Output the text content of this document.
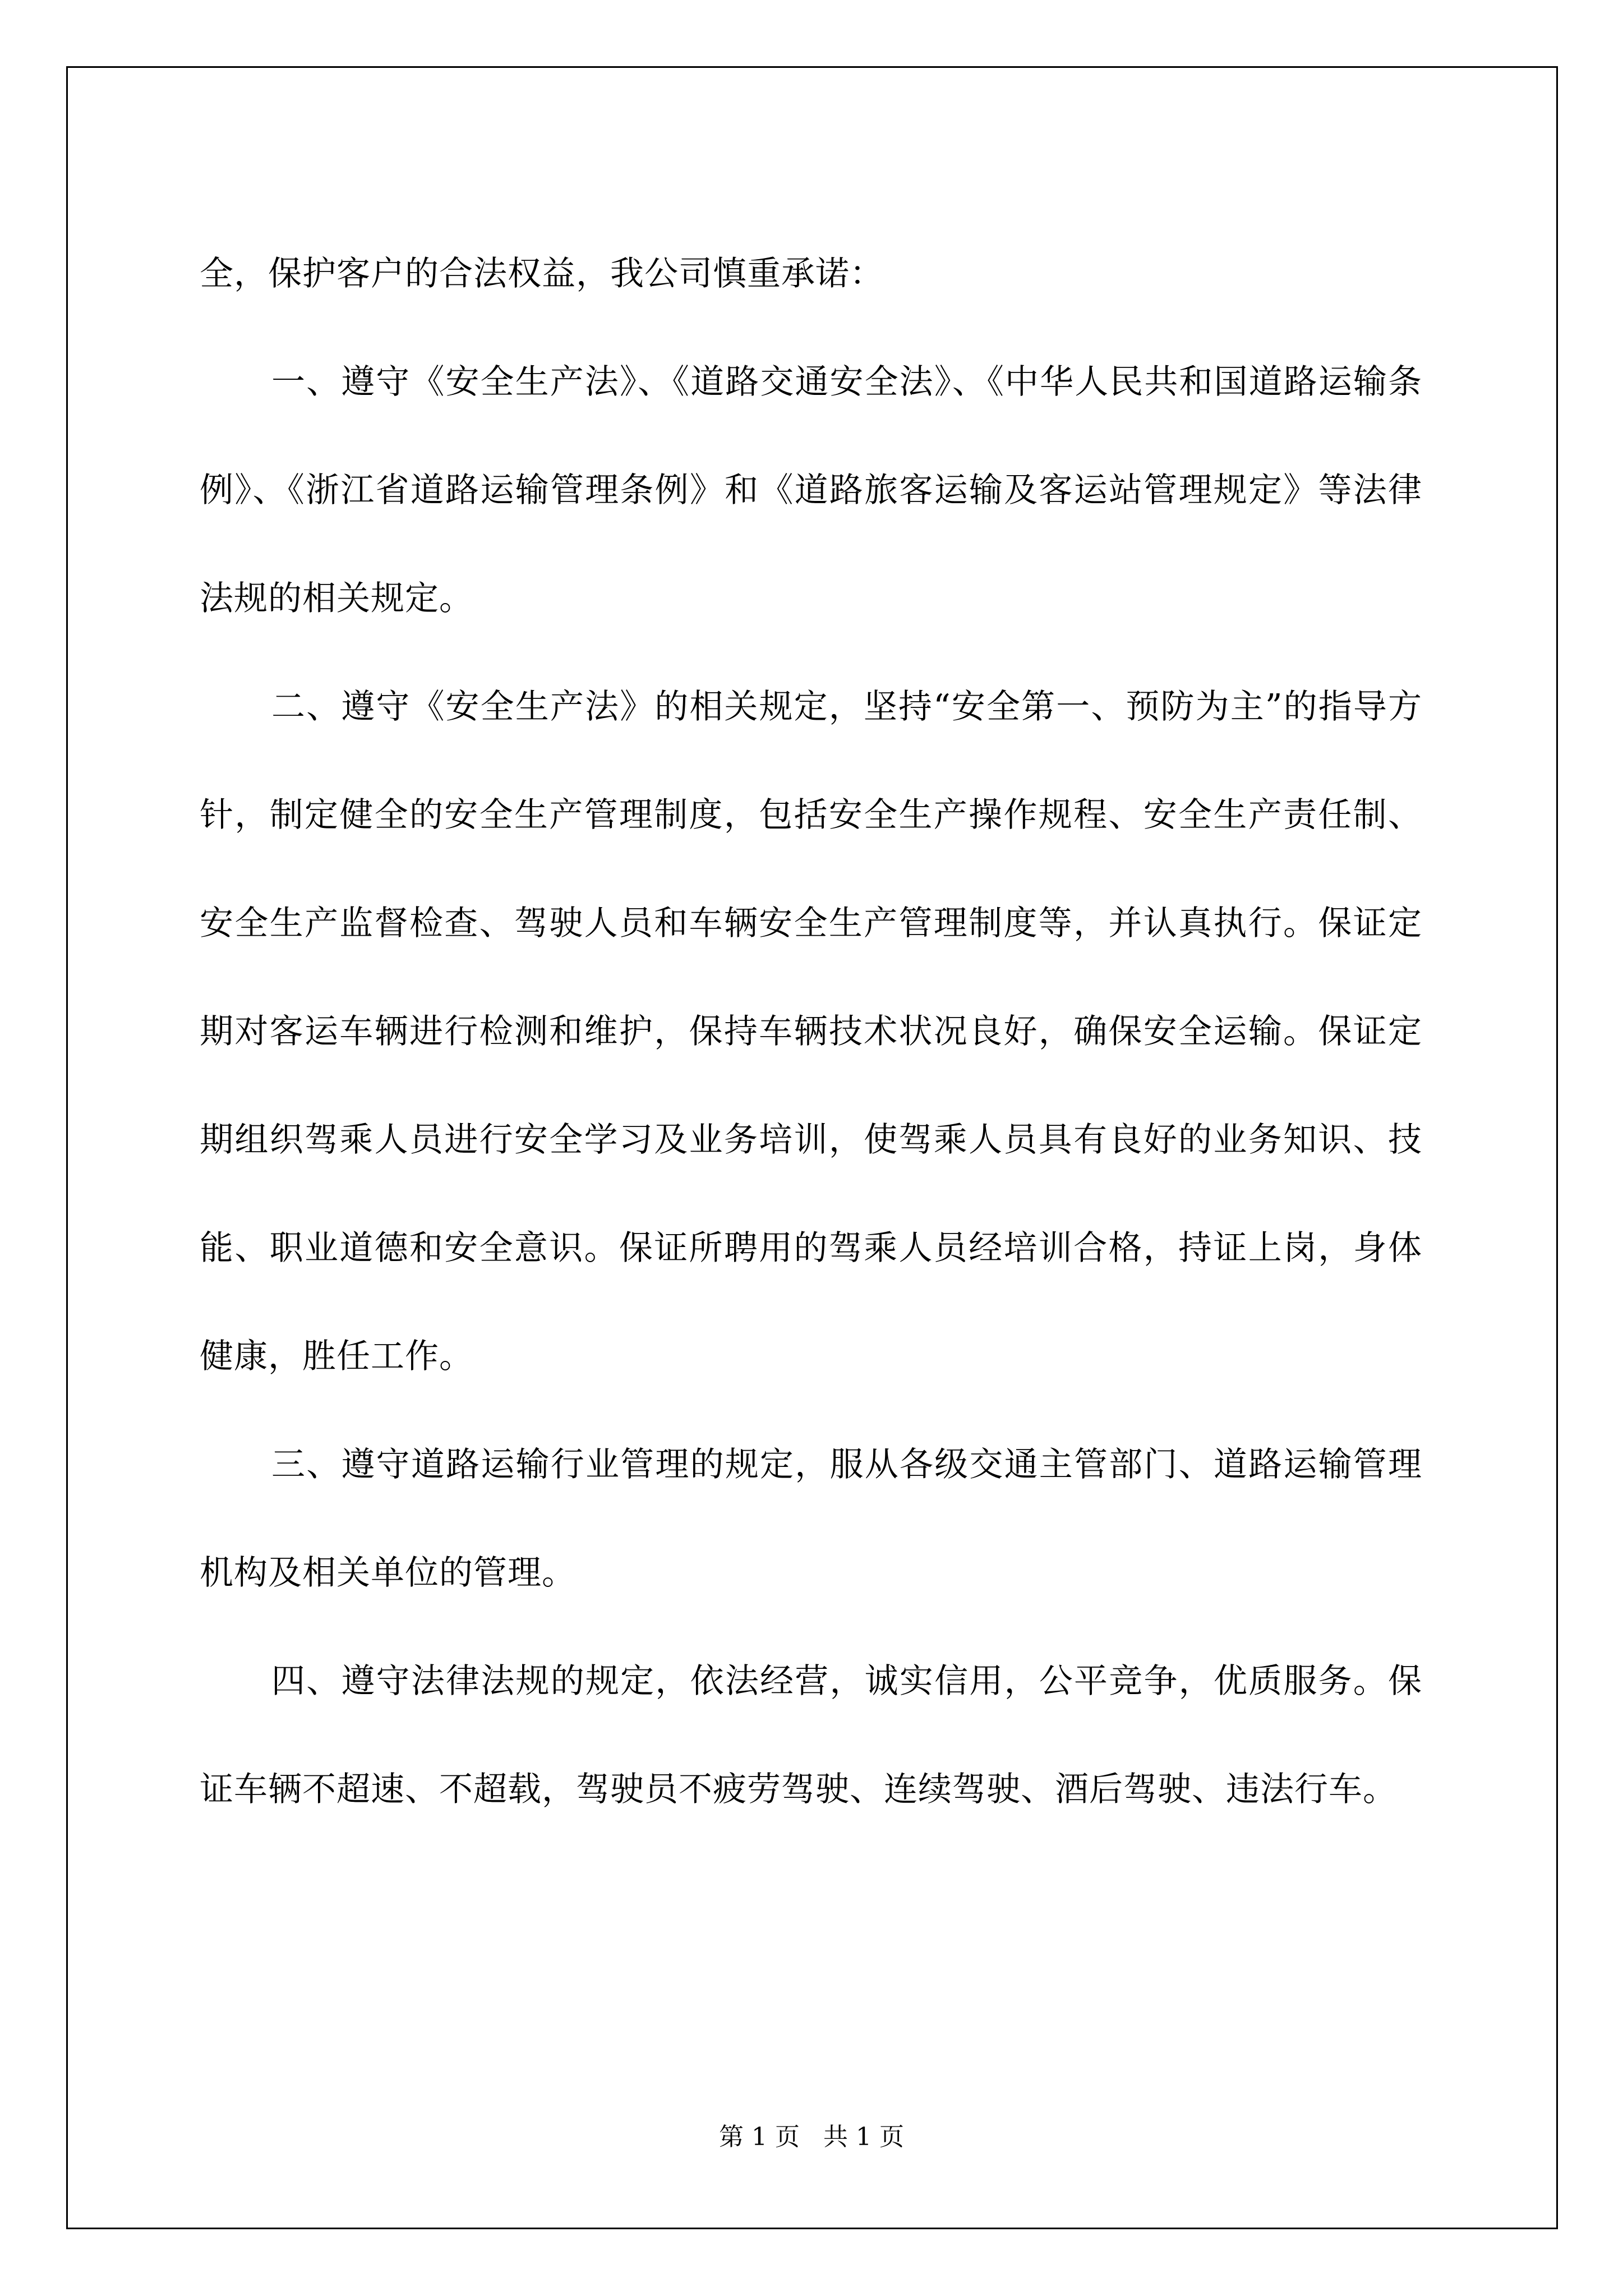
全，保护客户的合法权益，我公司慎重承诺：

一、遵守《安全生产法》、《道路交通安全法》、《中华人民共和国道路运输条例》、《浙江省道路运输管理条例》和《道路旅客运输及客运站管理规定》等法律法规的相关规定。

二、遵守《安全生产法》的相关规定，坚持“安全第一、预防为主”的指导方针，制定健全的安全生产管理制度，包括安全生产操作规程、安全生产责任制、安全生产监督检查、驾驶人员和车辆安全生产管理制度等，并认真执行。保证定期对客运车辆进行检测和维护，保持车辆技术状况良好，确保安全运输。保证定期组织驾乘人员进行安全学习及业务培训，使驾乘人员具有良好的业务知识、技能、职业道德和安全意识。保证所聘用的驾乘人员经培训合格，持证上岗，身体健康，胜任工作。

三、遵守道路运输行业管理的规定，服从各级交通主管部门、道路运输管理机构及相关单位的管理。

四、遵守法律法规的规定，依法经营，诚实信用，公平竞争，优质服务。保证车辆不超速、不超载，驾驶员不疲劳驾驶、连续驾驶、酒后驾驶、违法行车。

第 1 页 共 1 页
